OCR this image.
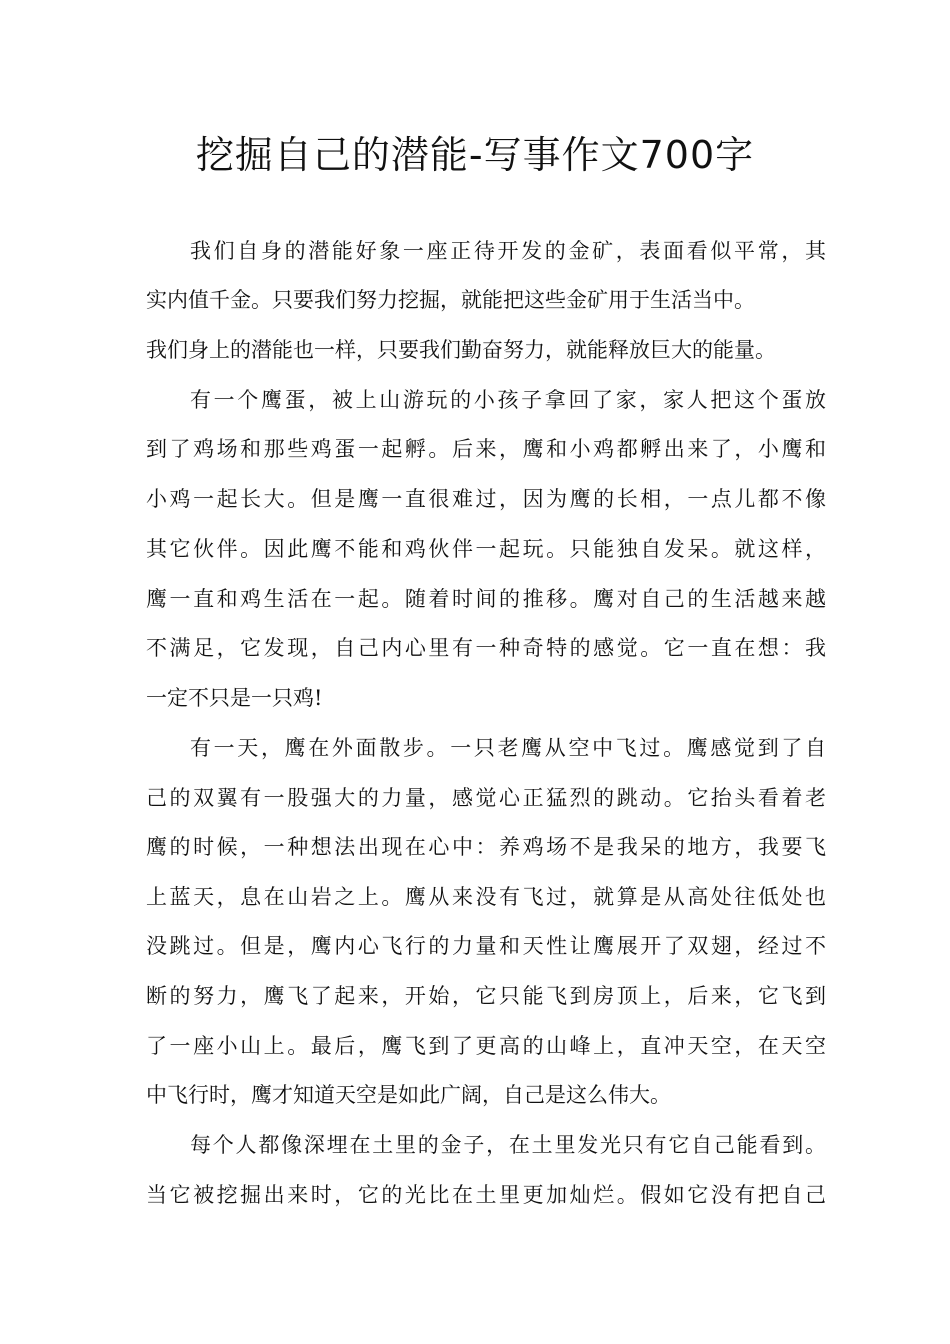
挖掘自己的潜能-写事作文700字
我们自身的潜能好象一座正待开发的金矿，表面看似平常，其
实内值千金。只要我们努力挖掘，就能把这些金矿用于生活当中。
我们身上的潜能也一样，只要我们勤奋努力，就能释放巨大的能量。
有一个鹰蛋，被上山游玩的小孩子拿回了家，家人把这个蛋放
到了鸡场和那些鸡蛋一起孵。后来，鹰和小鸡都孵出来了，小鹰和
小鸡一起长大。但是鹰一直很难过，因为鹰的长相，一点儿都不像
其它伙伴。因此鹰不能和鸡伙伴一起玩。只能独自发呆。就这样，
鹰一直和鸡生活在一起。随着时间的推移。鹰对自己的生活越来越
不满足，它发现，自己内心里有一种奇特的感觉。它一直在想：我
一定不只是一只鸡!
有一天，鹰在外面散步。一只老鹰从空中飞过。鹰感觉到了自
己的双翼有一股强大的力量，感觉心正猛烈的跳动。它抬头看着老
鹰的时候，一种想法出现在心中：养鸡场不是我呆的地方，我要飞
上蓝天，息在山岩之上。鹰从来没有飞过，就算是从高处往低处也
没跳过。但是，鹰内心飞行的力量和天性让鹰展开了双翅，经过不
断的努力，鹰飞了起来，开始，它只能飞到房顶上，后来，它飞到
了一座小山上。最后，鹰飞到了更高的山峰上，直冲天空，在天空
中飞行时，鹰才知道天空是如此广阔，自己是这么伟大。
每个人都像深埋在土里的金子，在土里发光只有它自己能看到。
当它被挖掘出来时，它的光比在土里更加灿烂。假如它没有把自己
